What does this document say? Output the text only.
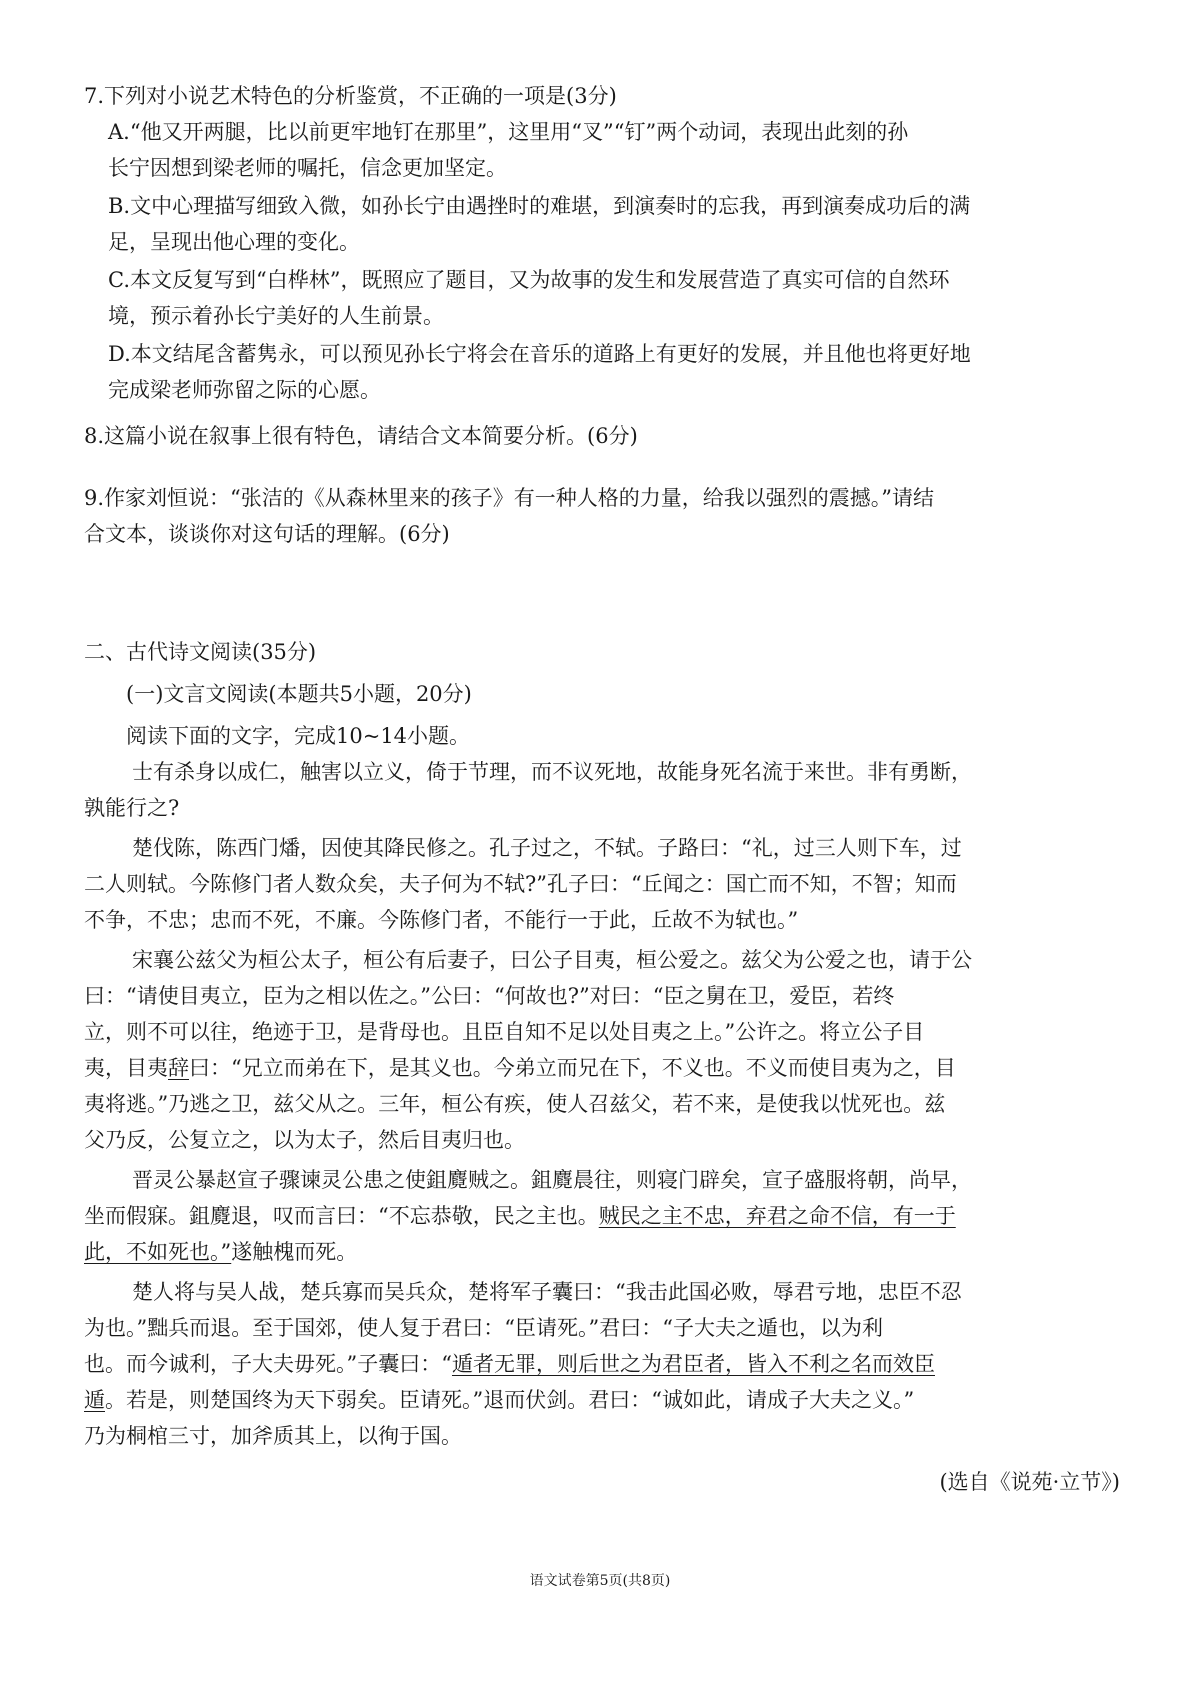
7.下列对小说艺术特色的分析鉴赏，不正确的一项是(3分)
A.“他又开两腿，比以前更牢地钉在那里”，这里用“叉”“钉”两个动词，表现出此刻的孙
长宁因想到梁老师的嘱托，信念更加坚定。
B.文中心理描写细致入微，如孙长宁由遇挫时的难堪，到演奏时的忘我，再到演奏成功后的满
足，呈现出他心理的变化。
C.本文反复写到“白桦林”，既照应了题目，又为故事的发生和发展营造了真实可信的自然环
境，预示着孙长宁美好的人生前景。
D.本文结尾含蓄隽永，可以预见孙长宁将会在音乐的道路上有更好的发展，并且他也将更好地
完成梁老师弥留之际的心愿。
8.这篇小说在叙事上很有特色，请结合文本简要分析。(6分)
9.作家刘恒说：“张洁的《从森林里来的孩子》有一种人格的力量，给我以强烈的震撼。”请结
合文本，谈谈你对这句话的理解。(6分)
二、古代诗文阅读(35分)
(一)文言文阅读(本题共5小题，20分)
阅读下面的文字，完成10~14小题。
士有杀身以成仁，触害以立义，倚于节理，而不议死地，故能身死名流于来世。非有勇断，
孰能行之?
楚伐陈，陈西门燔，因使其降民修之。孔子过之，不轼。子路曰：“礼，过三人则下车，过
二人则轼。今陈修门者人数众矣，夫子何为不轼?”孔子曰：“丘闻之：国亡而不知，不智；知而
不争，不忠；忠而不死，不廉。今陈修门者，不能行一于此，丘故不为轼也。”
宋襄公兹父为桓公太子，桓公有后妻子，曰公子目夷，桓公爱之。兹父为公爱之也，请于公
曰：“请使目夷立，臣为之相以佐之。”公曰：“何故也?”对曰：“臣之舅在卫，爱臣，若终
立，则不可以往，绝迹于卫，是背母也。且臣自知不足以处目夷之上。”公许之。将立公子目
夷，目夷辞曰：“兄立而弟在下，是其义也。今弟立而兄在下，不义也。不义而使目夷为之，目
夷将逃。”乃逃之卫，兹父从之。三年，桓公有疾，使人召兹父，若不来，是使我以忧死也。兹
父乃反，公复立之，以为太子，然后目夷归也。
晋灵公暴赵宣子骤谏灵公患之使鉏麑贼之。鉏麑晨往，则寝门辟矣，宣子盛服将朝，尚早，
坐而假寐。鉏麑退，叹而言曰：“不忘恭敬，民之主也。贼民之主不忠，弃君之命不信，有一于
此，不如死也。”遂触槐而死。
楚人将与吴人战，楚兵寡而吴兵众，楚将军子囊曰：“我击此国必败，辱君亏地，忠臣不忍
为也。”黜兵而退。至于国郊，使人复于君曰：“臣请死。”君曰：“子大夫之遁也，以为利
也。而今诚利，子大夫毋死。”子囊曰：“遁者无罪，则后世之为君臣者，皆入不利之名而效臣
遁。若是，则楚国终为天下弱矣。臣请死。”退而伏剑。君曰：“诚如此，请成子大夫之义。”
乃为桐棺三寸，加斧质其上，以徇于国。
(选自《说苑·立节》)
语文试卷第5页(共8页)
